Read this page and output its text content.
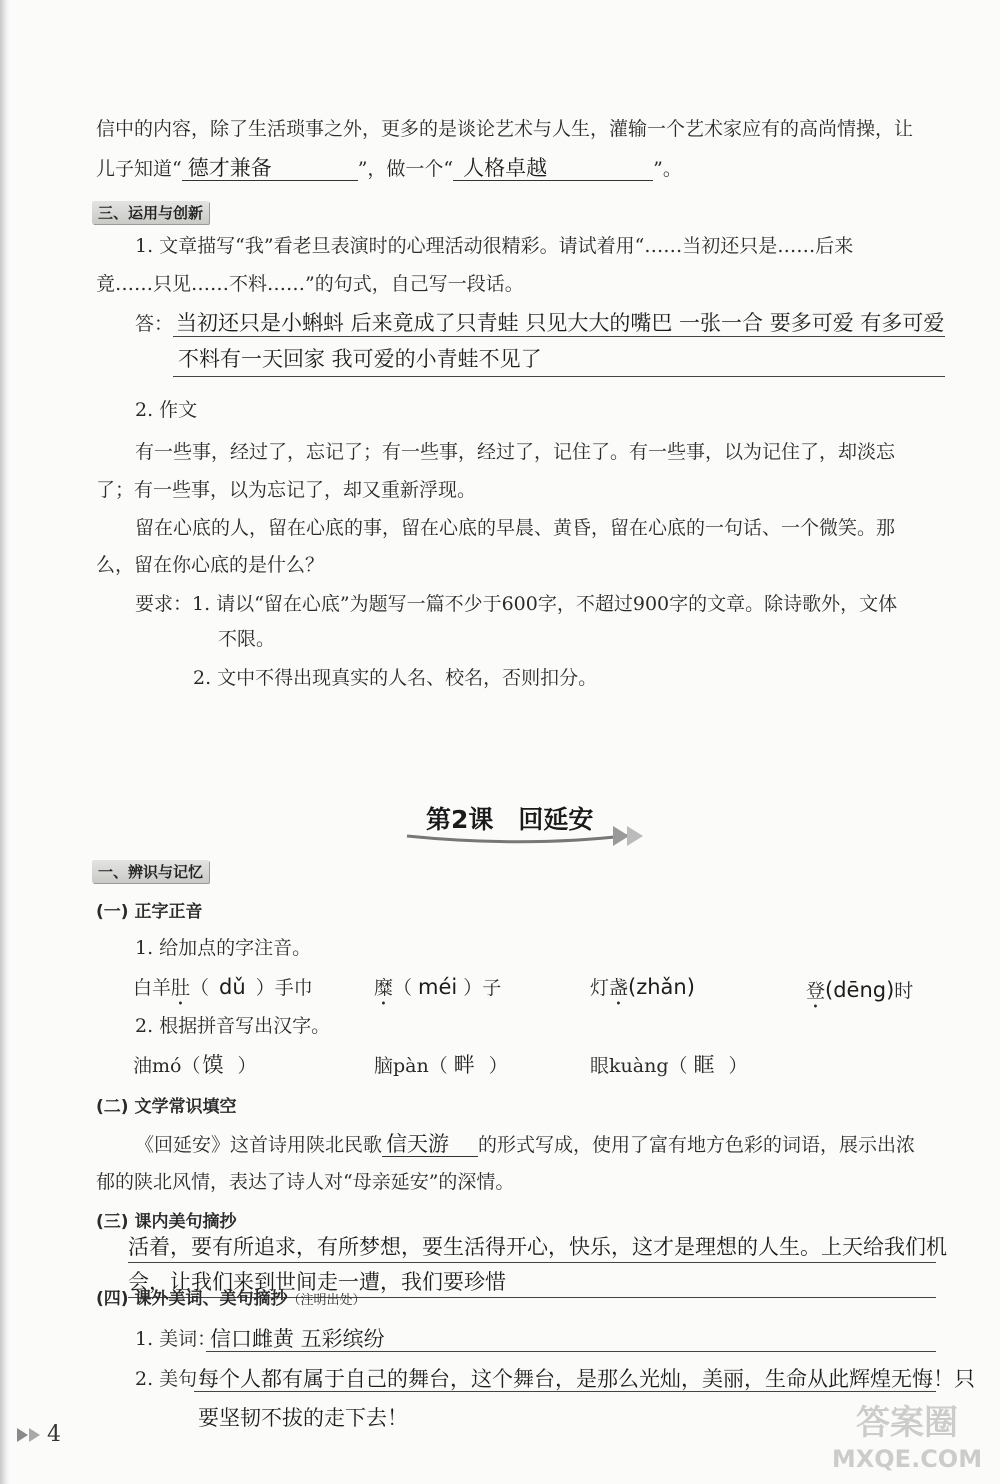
信中的内容，除了生活琐事之外，更多的是谈论艺术与人生，灌输一个艺术家应有的高尚情操，让
儿子知道“ 德才兼备	”，做一个“ 人格卓越	”。
三、运用与创新
1. 文章描写“我”看老旦表演时的心理活动很精彩。请试着用“……当初还只是……后来
竟……只见……不料……”的句式，自己写一段话。
答： 当初还只是小蝌蚪 后来竟成了只青蛙 只见大大的嘴巴 一张一合 要多可爱 有多可爱
不料有一天回家 我可爱的小青蛙不见了
2. 作文
有一些事，经过了，忘记了；有一些事，经过了，记住了。有一些事，以为记住了，却淡忘
了；有一些事，以为忘记了，却又重新浮现。
留在心底的人，留在心底的事，留在心底的早晨、黄昏，留在心底的一句话、一个微笑。那
么，留在你心底的是什么？
要求：1. 请以“留在心底”为题写一篇不少于600字，不超过900字的文章。除诗歌外，文体
不限。
2. 文中不得出现真实的人名、校名，否则扣分。
第2课　回延安
一、辨识与记忆
(一) 正字正音
1. 给加点的字注音。
白羊肚（ dǔ ）手巾	糜（ méi ）子	灯盏(zhǎn)	登(dēng)时
2. 根据拼音写出汉字。
油mó（馍 ）	脑pàn（ 畔 ）	眼kuàng（ 眶 ）
(二) 文学常识填空
《回延安》这首诗用陕北民歌 信天游 的形式写成，使用了富有地方色彩的词语，展示出浓
郁的陕北风情，表达了诗人对“母亲延安”的深情。
(三) 课内美句摘抄
活着，要有所追求，有所梦想，要生活得开心，快乐，这才是理想的人生。上天给我们机
会，让我们来到世间走一遭，我们要珍惜
(四) 课外美词、美句摘抄（注明出处）
1. 美词：
信口雌黄 五彩缤纷
2. 美句：
每个人都有属于自己的舞台，这个舞台，是那么光灿，美丽，生命从此辉煌无悔！只
要坚韧不拔的走下去！
4	答案圈
MXQE.COM
